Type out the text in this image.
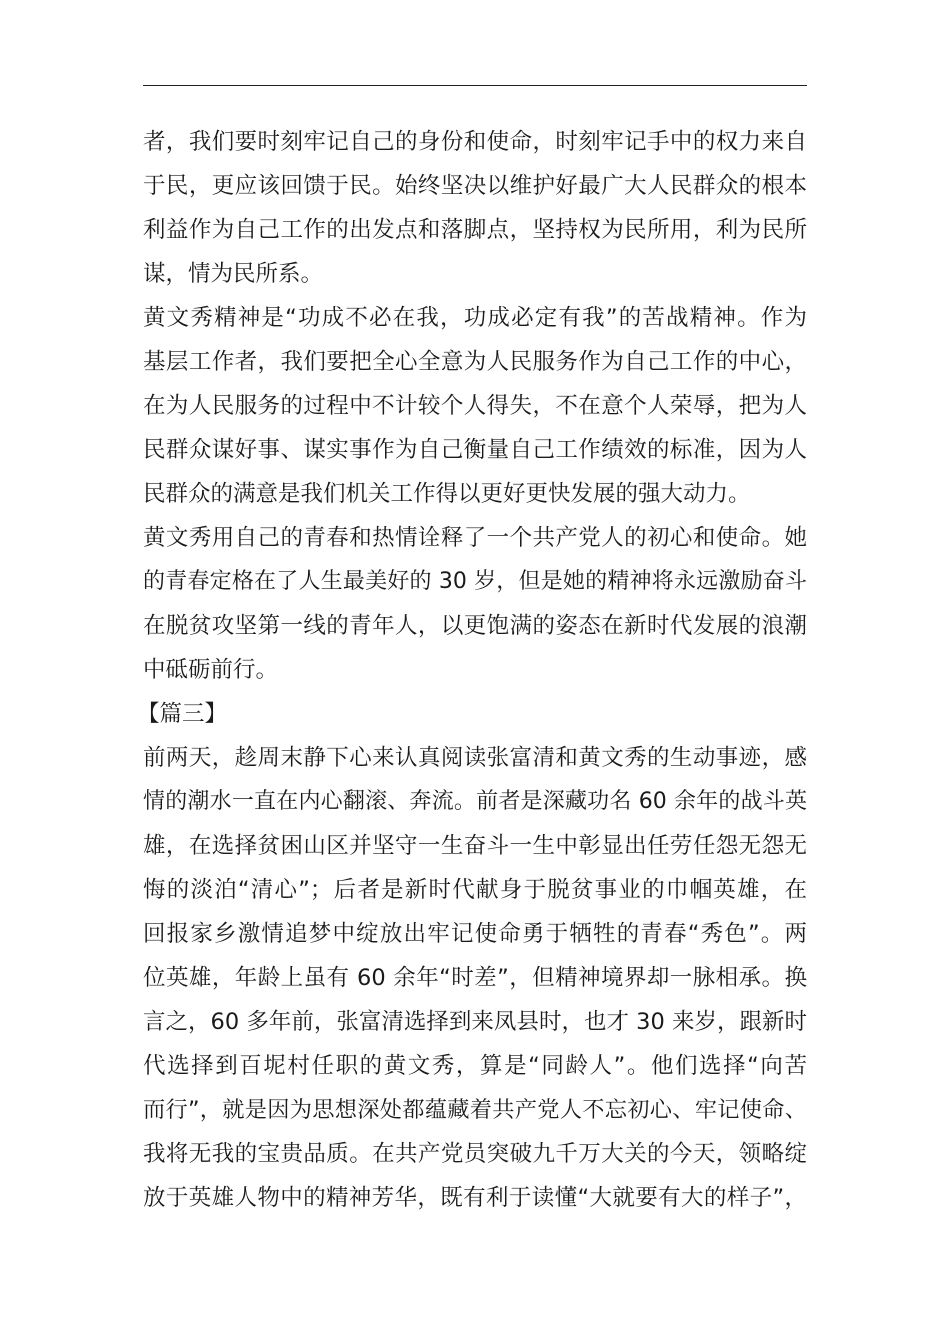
者，我们要时刻牢记自己的身份和使命，时刻牢记手中的权力来自
于民，更应该回馈于民。始终坚决以维护好最广大人民群众的根本
利益作为自己工作的出发点和落脚点，坚持权为民所用，利为民所
谋，情为民所系。
黄文秀精神是“功成不必在我，功成必定有我”的苦战精神。作为
基层工作者，我们要把全心全意为人民服务作为自己工作的中心，
在为人民服务的过程中不计较个人得失，不在意个人荣辱，把为人
民群众谋好事、谋实事作为自己衡量自己工作绩效的标准，因为人
民群众的满意是我们机关工作得以更好更快发展的强大动力。
黄文秀用自己的青春和热情诠释了一个共产党人的初心和使命。她
的青春定格在了人生最美好的 30 岁，但是她的精神将永远激励奋斗
在脱贫攻坚第一线的青年人，以更饱满的姿态在新时代发展的浪潮
中砥砺前行。
【篇三】
前两天，趁周末静下心来认真阅读张富清和黄文秀的生动事迹，感
情的潮水一直在内心翻滚、奔流。前者是深藏功名 60 余年的战斗英
雄，在选择贫困山区并坚守一生奋斗一生中彰显出任劳任怨无怨无
悔的淡泊“清心”；后者是新时代献身于脱贫事业的巾帼英雄，在
回报家乡激情追梦中绽放出牢记使命勇于牺牲的青春“秀色”。两
位英雄，年龄上虽有 60 余年“时差”，但精神境界却一脉相承。换
言之，60 多年前，张富清选择到来凤县时，也才 30 来岁，跟新时
代选择到百坭村任职的黄文秀，算是“同龄人”。他们选择“向苦
而行”，就是因为思想深处都蕴藏着共产党人不忘初心、牢记使命、
我将无我的宝贵品质。在共产党员突破九千万大关的今天，领略绽
放于英雄人物中的精神芳华，既有利于读懂“大就要有大的样子”，
